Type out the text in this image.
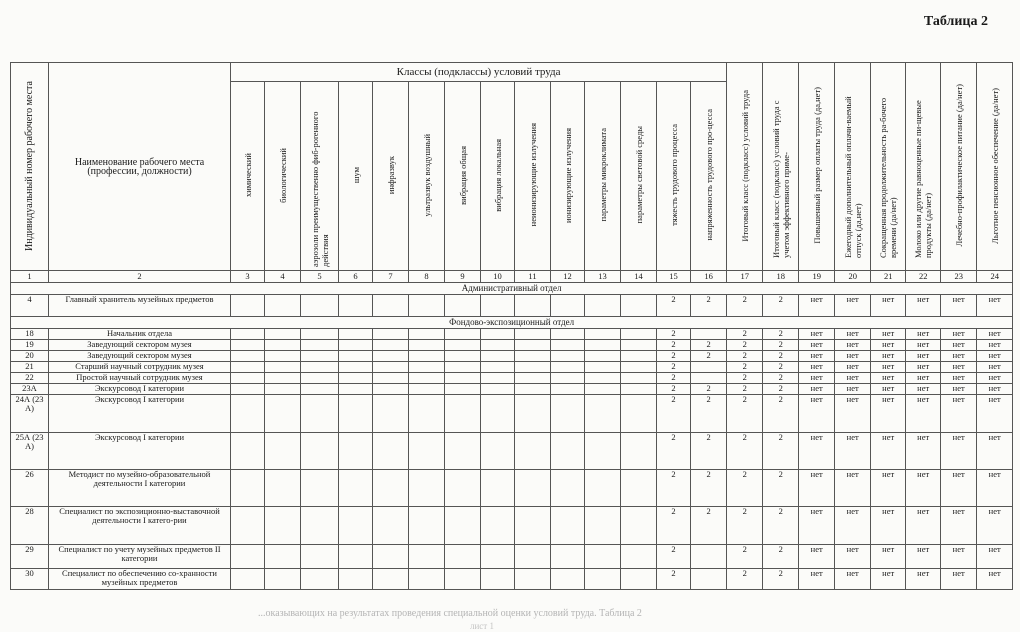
Таблица 2
Индивидуальный номер рабочего места	Наименование рабочего места (профессии, должности)	Классы (подклассы) условий труда														Итоговый класс (подкласс) условий труда	Итоговый класс (подкласс) условий труда с учетом эффективного приме-	Повышенный размер оплаты труда (да,нет)	Ежегодный дополнительный оплачи-ваемый отпуск (да,нет)	Сокращенная продолжительность ра-бочего времени (да/нет)	Молоко или другие равноценные пи-щевые продукты (да/нет)	Лечебно-профилактическое питание (да/нет)	Льготное пенсионное обеспечение (да/нет)
		химический	биологический	аэрозоли преимущественно фиб-роrенного действия	шум	инфразвук	ультразвук воздушный	вибрация общая	вибрация локальная	неионизирующие излучения	ионизирующие излучения	параметры микроклимата	параметры световой среды	тяжесть трудового процесса	напряженность трудового про-цесса								
1	2	3	4	5	6	7	8	9	10	11	12	13	14	15	16	17	18	19	20	21	22	23	24
Административный отдел																							
4	Главный хранитель музейных предметов													2	2	2	2	нет	нет	нет	нет	нет	нет
Фондово-экспозиционный отдел																							
18	Начальник отдела													2		2	2	нет	нет	нет	нет	нет	нет
19	Заведующий сектором музея													2	2	2	2	нет	нет	нет	нет	нет	нет
20	Заведующий сектором музея													2	2	2	2	нет	нет	нет	нет	нет	нет
21	Старший научный сотрудник музея													2		2	2	нет	нет	нет	нет	нет	нет
22	Простой научный сотрудник музея													2		2	2	нет	нет	нет	нет	нет	нет
23А	Экскурсовод I категории													2	2	2	2	нет	нет	нет	нет	нет	нет
24А (23 А)	Экскурсовод I категории													2	2	2	2	нет	нет	нет	нет	нет	нет
25А (23 А)	Экскурсовод I категории													2	2	2	2	нет	нет	нет	нет	нет	нет
26	Методист по музейно-образовательной деятельности I категории													2	2	2	2	нет	нет	нет	нет	нет	нет
28	Специалист по экспозиционно-выставочной деятельности I катего-рии													2	2	2	2	нет	нет	нет	нет	нет	нет
29	Специалист по учету музейных предметов II категории													2		2	2	нет	нет	нет	нет	нет	нет
30	Специалист по обеспечению со-хранности музейных предметов													2		2	2	нет	нет	нет	нет	нет	нет
...оказывающих на результатах проведения специальной оценки условий труда. Таблица 2
лист 1
